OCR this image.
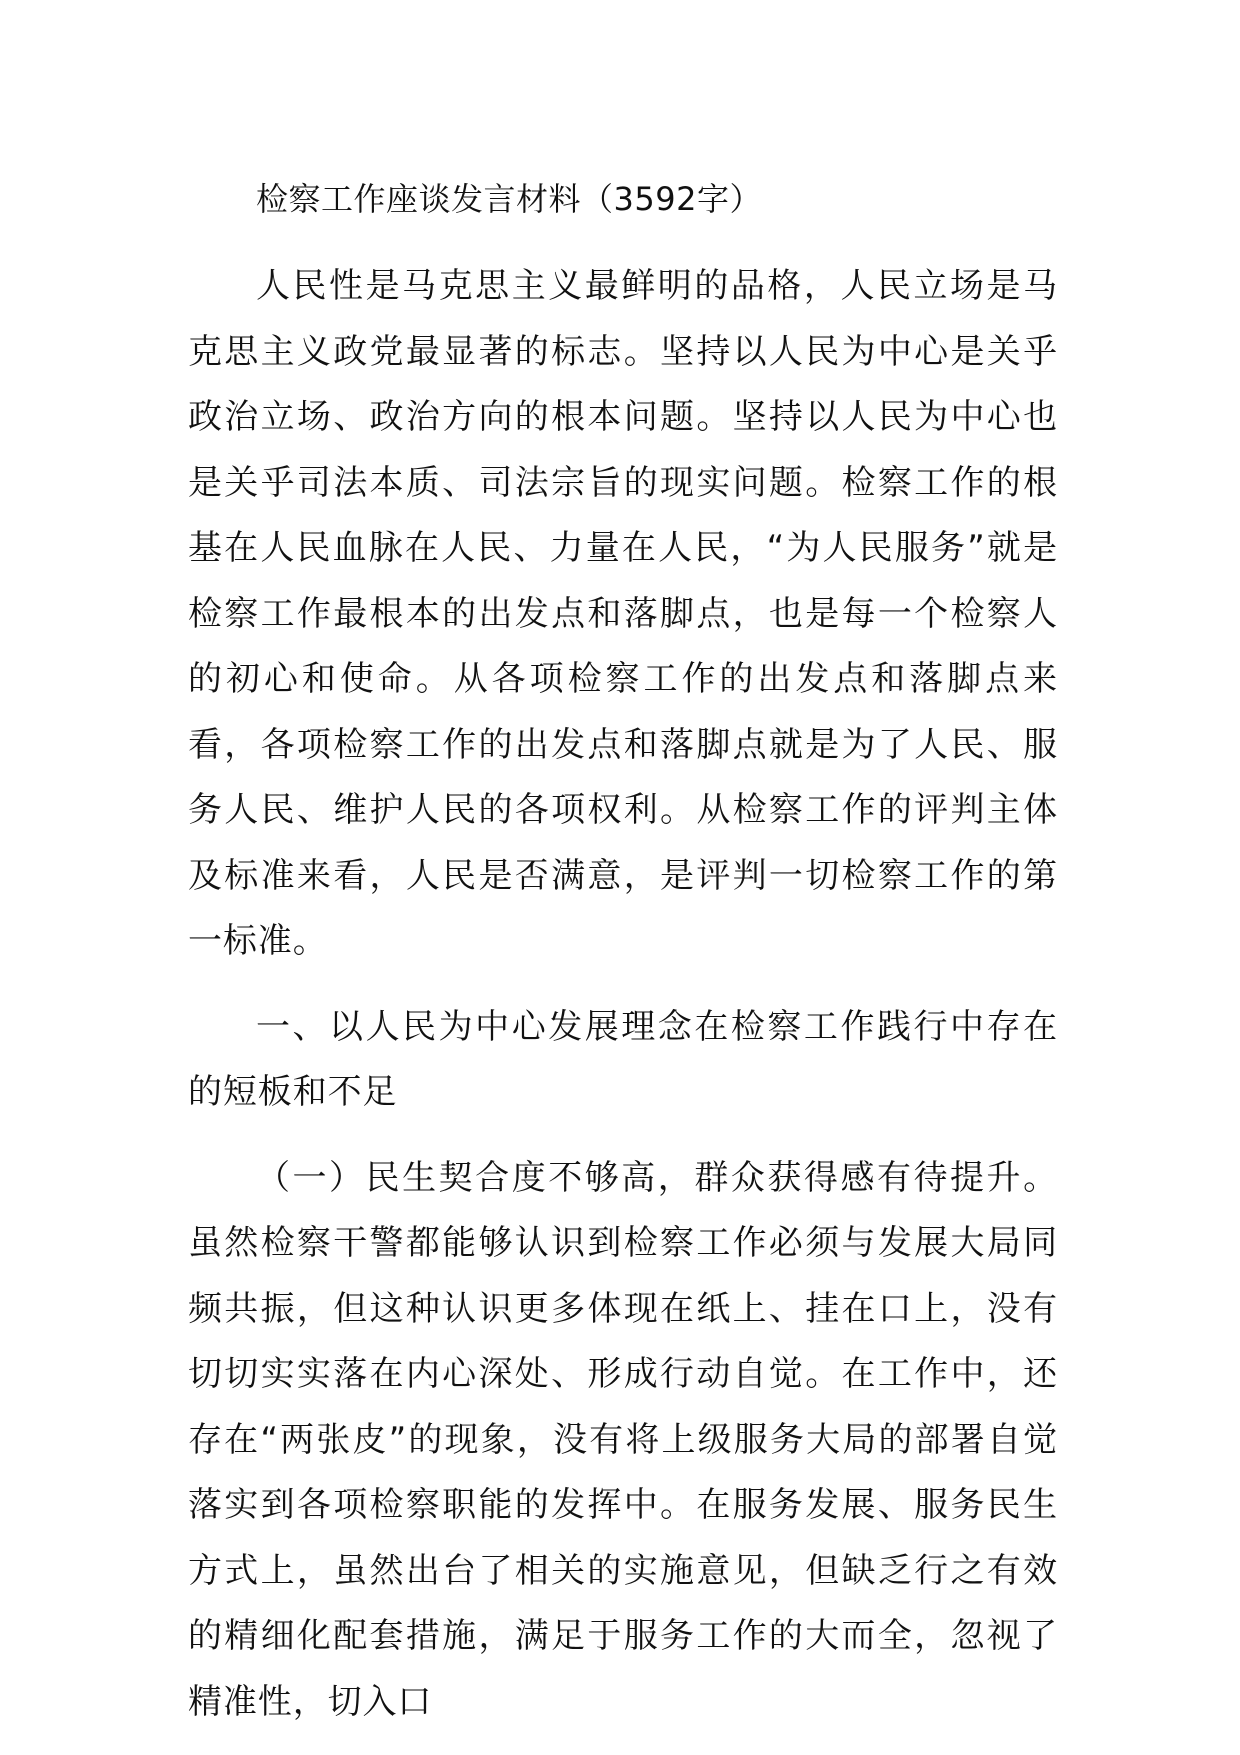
检察工作座谈发言材料（3592字）

人民性是马克思主义最鲜明的品格，人民立场是马克思主义政党最显著的标志。坚持以人民为中心是关乎政治立场、政治方向的根本问题。坚持以人民为中心也是关乎司法本质、司法宗旨的现实问题。检察工作的根基在人民血脉在人民、力量在人民，“为人民服务”就是检察工作最根本的出发点和落脚点，也是每一个检察人的初心和使命。从各项检察工作的出发点和落脚点来看，各项检察工作的出发点和落脚点就是为了人民、服务人民、维护人民的各项权利。从检察工作的评判主体及标准来看，人民是否满意，是评判一切检察工作的第一标准。

一、以人民为中心发展理念在检察工作践行中存在的短板和不足

（一）民生契合度不够高，群众获得感有待提升。虽然检察干警都能够认识到检察工作必须与发展大局同频共振，但这种认识更多体现在纸上、挂在口上，没有切切实实落在内心深处、形成行动自觉。在工作中，还存在“两张皮”的现象，没有将上级服务大局的部署自觉落实到各项检察职能的发挥中。在服务发展、服务民生方式上，虽然出台了相关的实施意见，但缺乏行之有效的精细化配套措施，满足于服务工作的大而全，忽视了精准性，切入口
